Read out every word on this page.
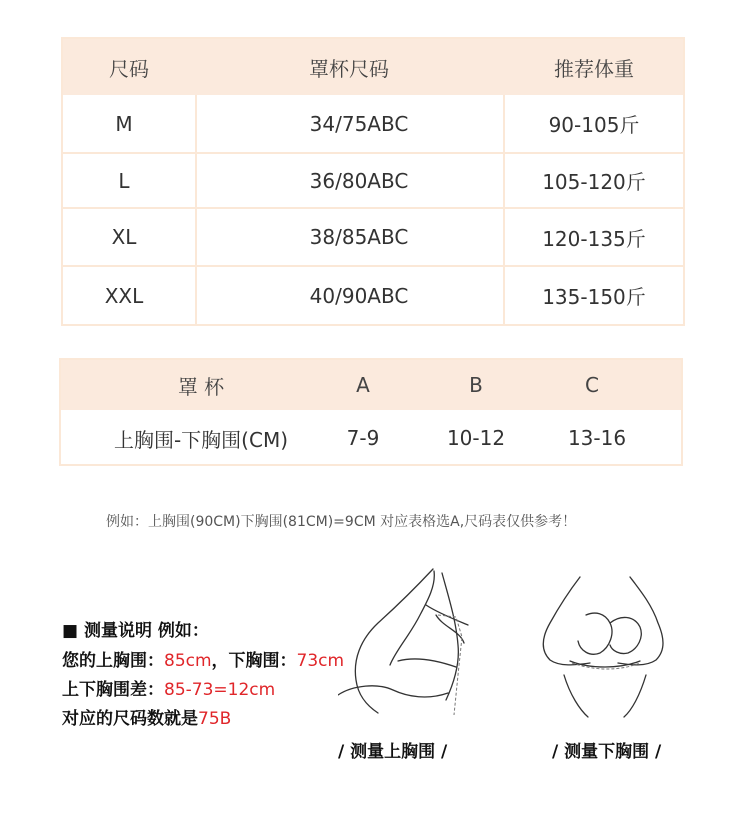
尺码	罩杯尺码	推荐体重
M	34/75ABC	90-105斤
L	36/80ABC	105-120斤
XL	38/85ABC	120-135斤
XXL	40/90ABC	135-150斤
罩 杯	A	B	C
上胸围-下胸围(CM)	7-9	10-12	13-16
例如：上胸围(90CM)下胸围(81CM)=9CM 对应表格选A,尺码表仅供参考！
■ 测量说明 例如：
您的上胸围：85cm，下胸围：73cm
上下胸围差：85-73=12cm
对应的尺码数就是75B
/ 测量上胸围 /	/ 测量下胸围 /
